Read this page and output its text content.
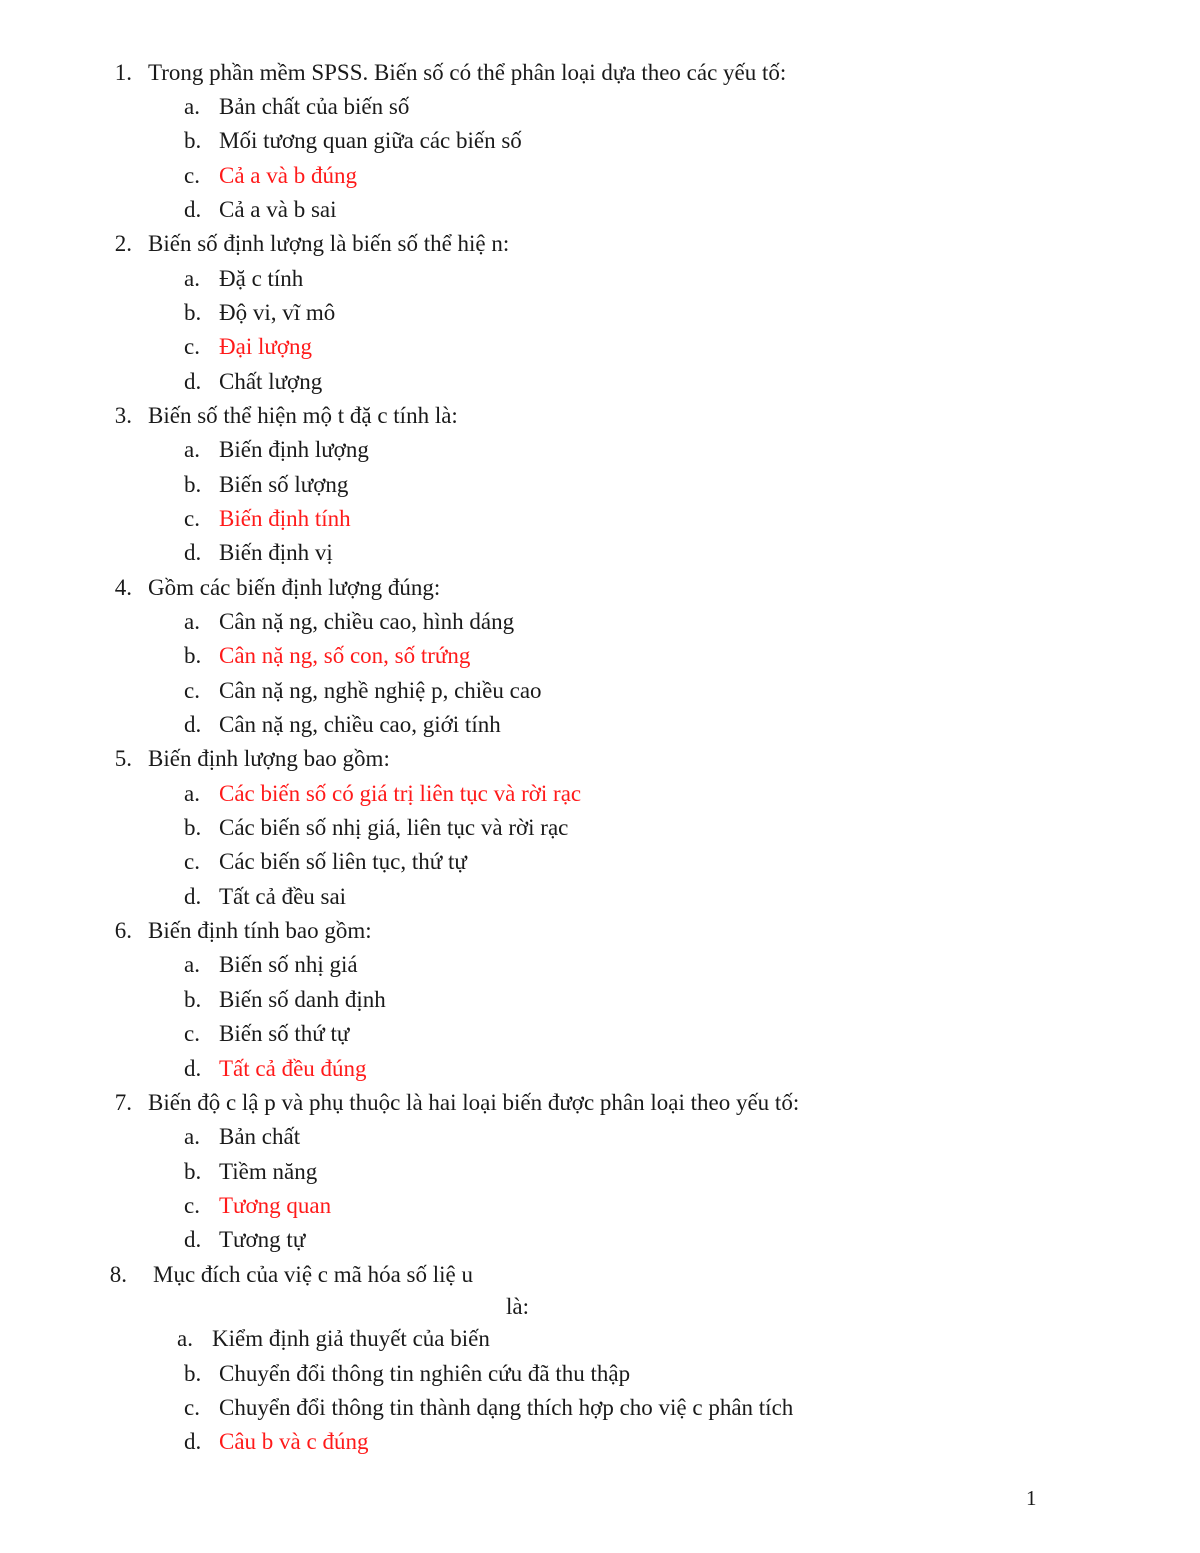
1. Trong phần mềm SPSS. Biến số có thể phân loại dựa theo các yếu tố:
a. Bản chất của biến số
b. Mối tương quan giữa các biến số
c. Cả a và b đúng
d. Cả a và b sai
2. Biến số định lượng là biến số thể hiệ n:
a. Đặ c tính
b. Độ vi, vĩ mô
c. Đại lượng
d. Chất lượng
3. Biến số thể hiện mộ t đặ c tính là:
a. Biến định lượng
b. Biến số lượng
c. Biến định tính
d. Biến định vị
4. Gồm các biến định lượng đúng:
a. Cân nặ ng, chiều cao, hình dáng
b. Cân nặ ng, số con, số trứng
c. Cân nặ ng, nghề nghiệ p, chiều cao
d. Cân nặ ng, chiều cao, giới tính
5. Biến định lượng bao gồm:
a. Các biến số có giá trị liên tục và rời rạc
b. Các biến số nhị giá, liên tục và rời rạc
c. Các biến số liên tục, thứ tự
d. Tất cả đều sai
6. Biến định tính bao gồm:
a. Biến số nhị giá
b. Biến số danh định
c. Biến số thứ tự
d. Tất cả đều đúng
7. Biến độ c lậ p và phụ thuộc là hai loại biến được phân loại theo yếu tố:
a. Bản chất
b. Tiềm năng
c. Tương quan
d. Tương tự
8. Mục đích của việ c mã hóa số liệ u
là:
a. Kiểm định giả thuyết của biến
b. Chuyển đổi thông tin nghiên cứu đã thu thập
c. Chuyển đổi thông tin thành dạng thích hợp cho việ c phân tích
d. Câu b và c đúng
1
